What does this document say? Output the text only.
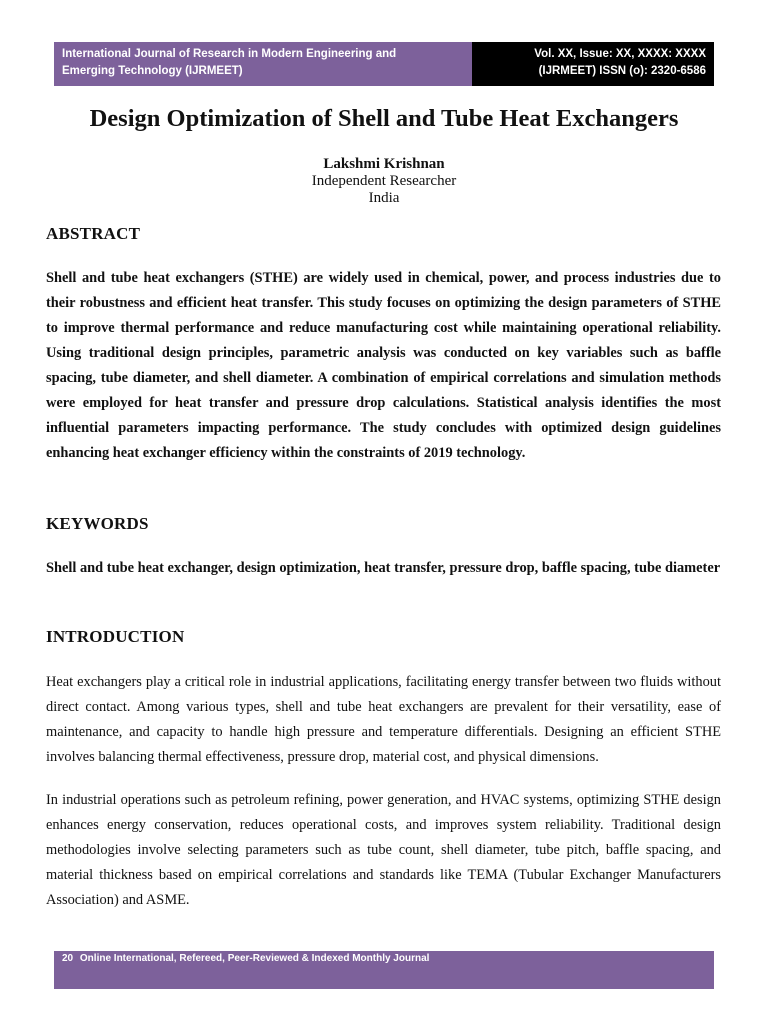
International Journal of Research in Modern Engineering and
Emerging Technology (IJRMEET)
Vol. XX, Issue: XX, XXXX: XXXX
(IJRMEET) ISSN (o): 2320-6586
Design Optimization of Shell and Tube Heat Exchangers
Lakshmi Krishnan
Independent Researcher
India
ABSTRACT

Shell and tube heat exchangers (STHE) are widely used in chemical, power, and process industries due to their robustness and efficient heat transfer. This study focuses on optimizing the design parameters of STHE to improve thermal performance and reduce manufacturing cost while maintaining operational reliability. Using traditional design principles, parametric analysis was conducted on key variables such as baffle spacing, tube diameter, and shell diameter. A combination of empirical correlations and simulation methods were employed for heat transfer and pressure drop calculations. Statistical analysis identifies the most influential parameters impacting performance. The study concludes with optimized design guidelines enhancing heat exchanger efficiency within the constraints of 2019 technology.

KEYWORDS

Shell and tube heat exchanger, design optimization, heat transfer, pressure drop, baffle spacing, tube diameter

INTRODUCTION

Heat exchangers play a critical role in industrial applications, facilitating energy transfer between two fluids without direct contact. Among various types, shell and tube heat exchangers are prevalent for their versatility, ease of maintenance, and capacity to handle high pressure and temperature differentials. Designing an efficient STHE involves balancing thermal effectiveness, pressure drop, material cost, and physical dimensions.

In industrial operations such as petroleum refining, power generation, and HVAC systems, optimizing STHE design enhances energy conservation, reduces operational costs, and improves system reliability. Traditional design methodologies involve selecting parameters such as tube count, shell diameter, tube pitch, baffle spacing, and material thickness based on empirical correlations and standards like TEMA (Tubular Exchanger Manufacturers Association) and ASME.

20 Online International, Refereed, Peer-Reviewed & Indexed Monthly Journal
